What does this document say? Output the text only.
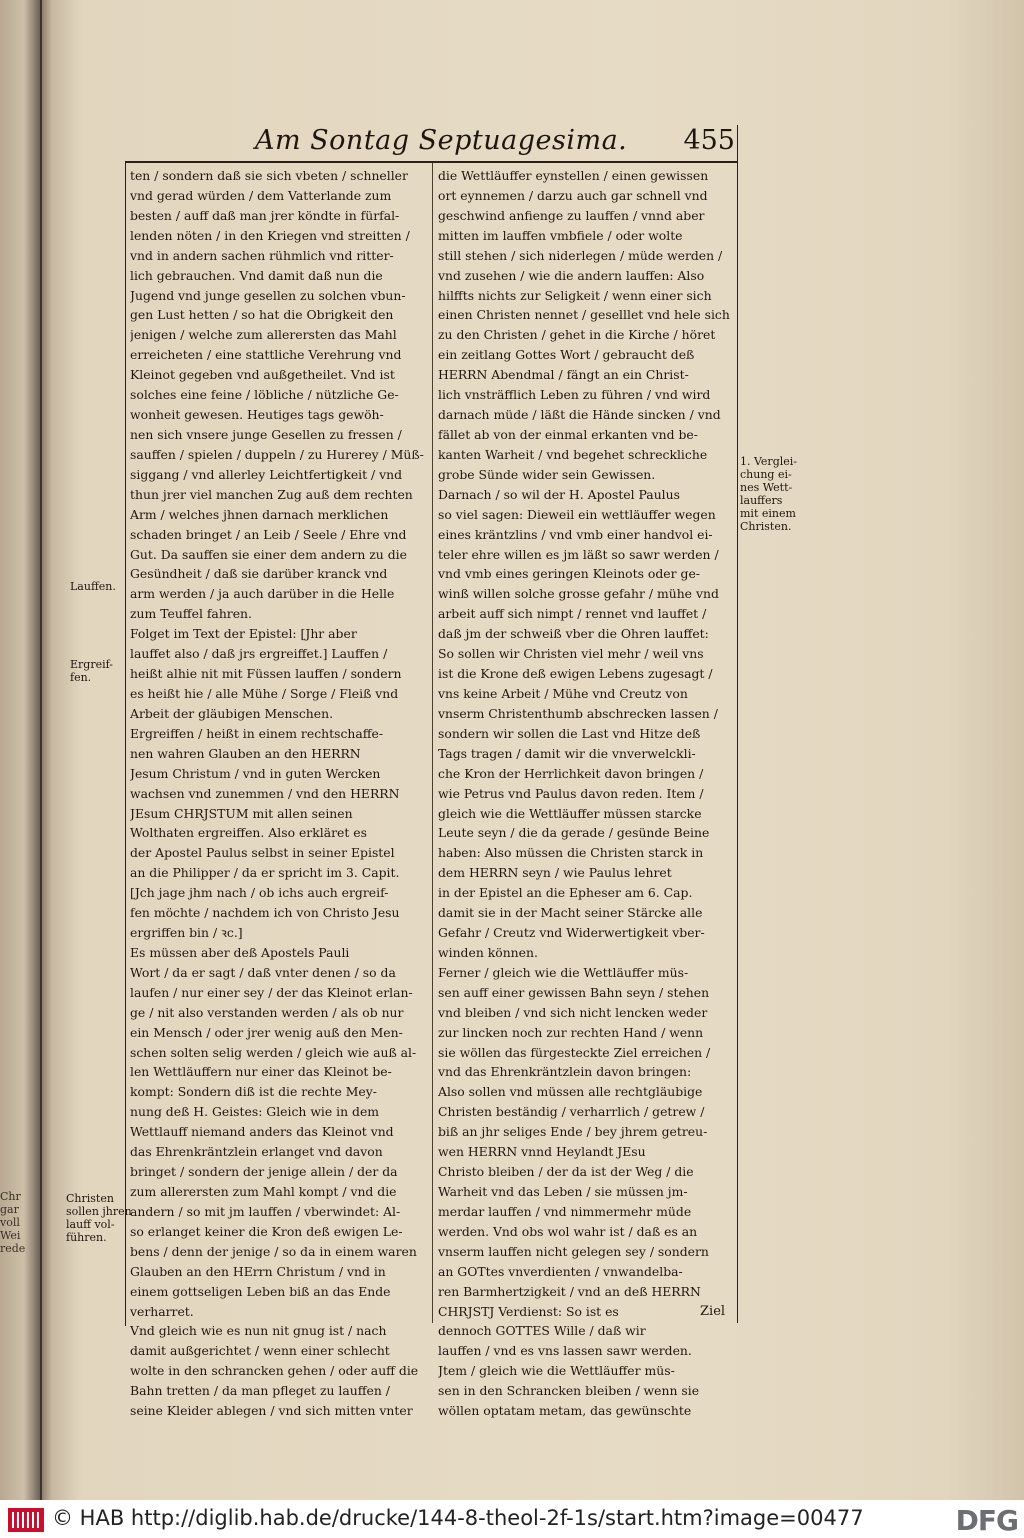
Chr
gar
voll
Wei
rede
Am Sontag Septuagesima. 455
ten / sondern daß sie sich vbeten / schneller
vnd gerad würden / dem Vatterlande zum
besten / auff daß man jrer köndte in fürfal-
lenden nöten / in den Kriegen vnd streitten /
vnd in andern sachen rühmlich vnd ritter-
lich gebrauchen. Vnd damit daß nun die
Jugend vnd junge gesellen zu solchen vbun-
gen Lust hetten / so hat die Obrigkeit den
jenigen / welche zum allerersten das Mahl
erreicheten / eine stattliche Verehrung vnd
Kleinot gegeben vnd außgetheilet. Vnd ist
solches eine feine / löbliche / nützliche Ge-
wonheit gewesen. Heutiges tags gewöh-
nen sich vnsere junge Gesellen zu fressen /
sauffen / spielen / duppeln / zu Hurerey / Müß-
siggang / vnd allerley Leichtfertigkeit / vnd
thun jrer viel manchen Zug auß dem rechten
Arm / welches jhnen darnach merklichen
schaden bringet / an Leib / Seele / Ehre vnd
Gut. Da sauffen sie einer dem andern zu die
Gesündheit / daß sie darüber kranck vnd
arm werden / ja auch darüber in die Helle
zum Teuffel fahren.
Folget im Text der Epistel: [Jhr aber
lauffet also / daß jrs ergreiffet.] Lauffen /
heißt alhie nit mit Füssen lauffen / sondern
es heißt hie / alle Mühe / Sorge / Fleiß vnd
Arbeit der gläubigen Menschen.
Ergreiffen / heißt in einem rechtschaffe-
nen wahren Glauben an den HERRN
Jesum Christum / vnd in guten Wercken
wachsen vnd zunemmen / vnd den HERRN
JEsum CHRJSTUM mit allen seinen
Wolthaten ergreiffen. Also erkläret es
der Apostel Paulus selbst in seiner Epistel
an die Philipper / da er spricht im 3. Capit.
[Jch jage jhm nach / ob ichs auch ergreif-
fen möchte / nachdem ich von Christo Jesu
ergriffen bin / ꝛc.]
Es müssen aber deß Apostels Pauli
Wort / da er sagt / daß vnter denen / so da
laufen / nur einer sey / der das Kleinot erlan-
ge / nit also verstanden werden / als ob nur
ein Mensch / oder jrer wenig auß den Men-
schen solten selig werden / gleich wie auß al-
len Wettläuffern nur einer das Kleinot be-
kompt: Sondern diß ist die rechte Mey-
nung deß H. Geistes: Gleich wie in dem
Wettlauff niemand anders das Kleinot vnd
das Ehrenkräntzlein erlanget vnd davon
bringet / sondern der jenige allein / der da
zum allerersten zum Mahl kompt / vnd die
andern / so mit jm lauffen / vberwindet: Al-
so erlanget keiner die Kron deß ewigen Le-
bens / denn der jenige / so da in einem waren
Glauben an den HErrn Christum / vnd in
einem gottseligen Leben biß an das Ende
verharret.
Vnd gleich wie es nun nit gnug ist / nach
damit außgerichtet / wenn einer schlecht
wolte in den schrancken gehen / oder auff die
Bahn tretten / da man pfleget zu lauffen /
seine Kleider ablegen / vnd sich mitten vnter
die Wettläuffer eynstellen / einen gewissen
ort eynnemen / darzu auch gar schnell vnd
geschwind anfienge zu lauffen / vnnd aber
mitten im lauffen vmbfiele / oder wolte
still stehen / sich niderlegen / müde werden /
vnd zusehen / wie die andern lauffen: Also
hilffts nichts zur Seligkeit / wenn einer sich
einen Christen nennet / geselllet vnd hele sich
zu den Christen / gehet in die Kirche / höret
ein zeitlang Gottes Wort / gebraucht deß
HERRN Abendmal / fängt an ein Christ-
lich vnsträfflich Leben zu führen / vnd wird
darnach müde / läßt die Hände sincken / vnd
fället ab von der einmal erkanten vnd be-
kanten Warheit / vnd begehet schreckliche
grobe Sünde wider sein Gewissen.
Darnach / so wil der H. Apostel Paulus
so viel sagen: Dieweil ein wettläuffer wegen
eines kräntzlins / vnd vmb einer handvol ei-
teler ehre willen es jm läßt so sawr werden /
vnd vmb eines geringen Kleinots oder ge-
winß willen solche grosse gefahr / mühe vnd
arbeit auff sich nimpt / rennet vnd lauffet /
daß jm der schweiß vber die Ohren lauffet:
So sollen wir Christen viel mehr / weil vns
ist die Krone deß ewigen Lebens zugesagt /
vns keine Arbeit / Mühe vnd Creutz von
vnserm Christenthumb abschrecken lassen /
sondern wir sollen die Last vnd Hitze deß
Tags tragen / damit wir die vnverwelckli-
che Kron der Herrlichkeit davon bringen /
wie Petrus vnd Paulus davon reden. Item /
gleich wie die Wettläuffer müssen starcke
Leute seyn / die da gerade / gesünde Beine
haben: Also müssen die Christen starck in
dem HERRN seyn / wie Paulus lehret
in der Epistel an die Epheser am 6. Cap.
damit sie in der Macht seiner Stärcke alle
Gefahr / Creutz vnd Widerwertigkeit vber-
winden können.
Ferner / gleich wie die Wettläuffer müs-
sen auff einer gewissen Bahn seyn / stehen
vnd bleiben / vnd sich nicht lencken weder
zur lincken noch zur rechten Hand / wenn
sie wöllen das fürgesteckte Ziel erreichen /
vnd das Ehrenkräntzlein davon bringen:
Also sollen vnd müssen alle rechtgläubige
Christen beständig / verharrlich / getrew /
biß an jhr seliges Ende / bey jhrem getreu-
wen HERRN vnnd Heylandt JEsu
Christo bleiben / der da ist der Weg / die
Warheit vnd das Leben / sie müssen jm-
merdar lauffen / vnd nimmermehr müde
werden. Vnd obs wol wahr ist / daß es an
vnserm lauffen nicht gelegen sey / sondern
an GOTtes vnverdienten / vnwandelba-
ren Barmhertzigkeit / vnd an deß HERRN
CHRJSTJ Verdienst: So ist es
dennoch GOTTES Wille / daß wir
lauffen / vnd es vns lassen sawr werden.
Jtem / gleich wie die Wettläuffer müs-
sen in den Schrancken bleiben / wenn sie
wöllen optatam metam, das gewünschte
Lauffen.
Ergreif-
fen.
Christen
sollen jhren
lauff vol-
führen.
1. Verglei-
chung ei-
nes Wett-
lauffers
mit einem
Christen.
Ziel
© HAB http://diglib.hab.de/drucke/144-8-theol-2f-1s/start.htm?image=00477	DFG
